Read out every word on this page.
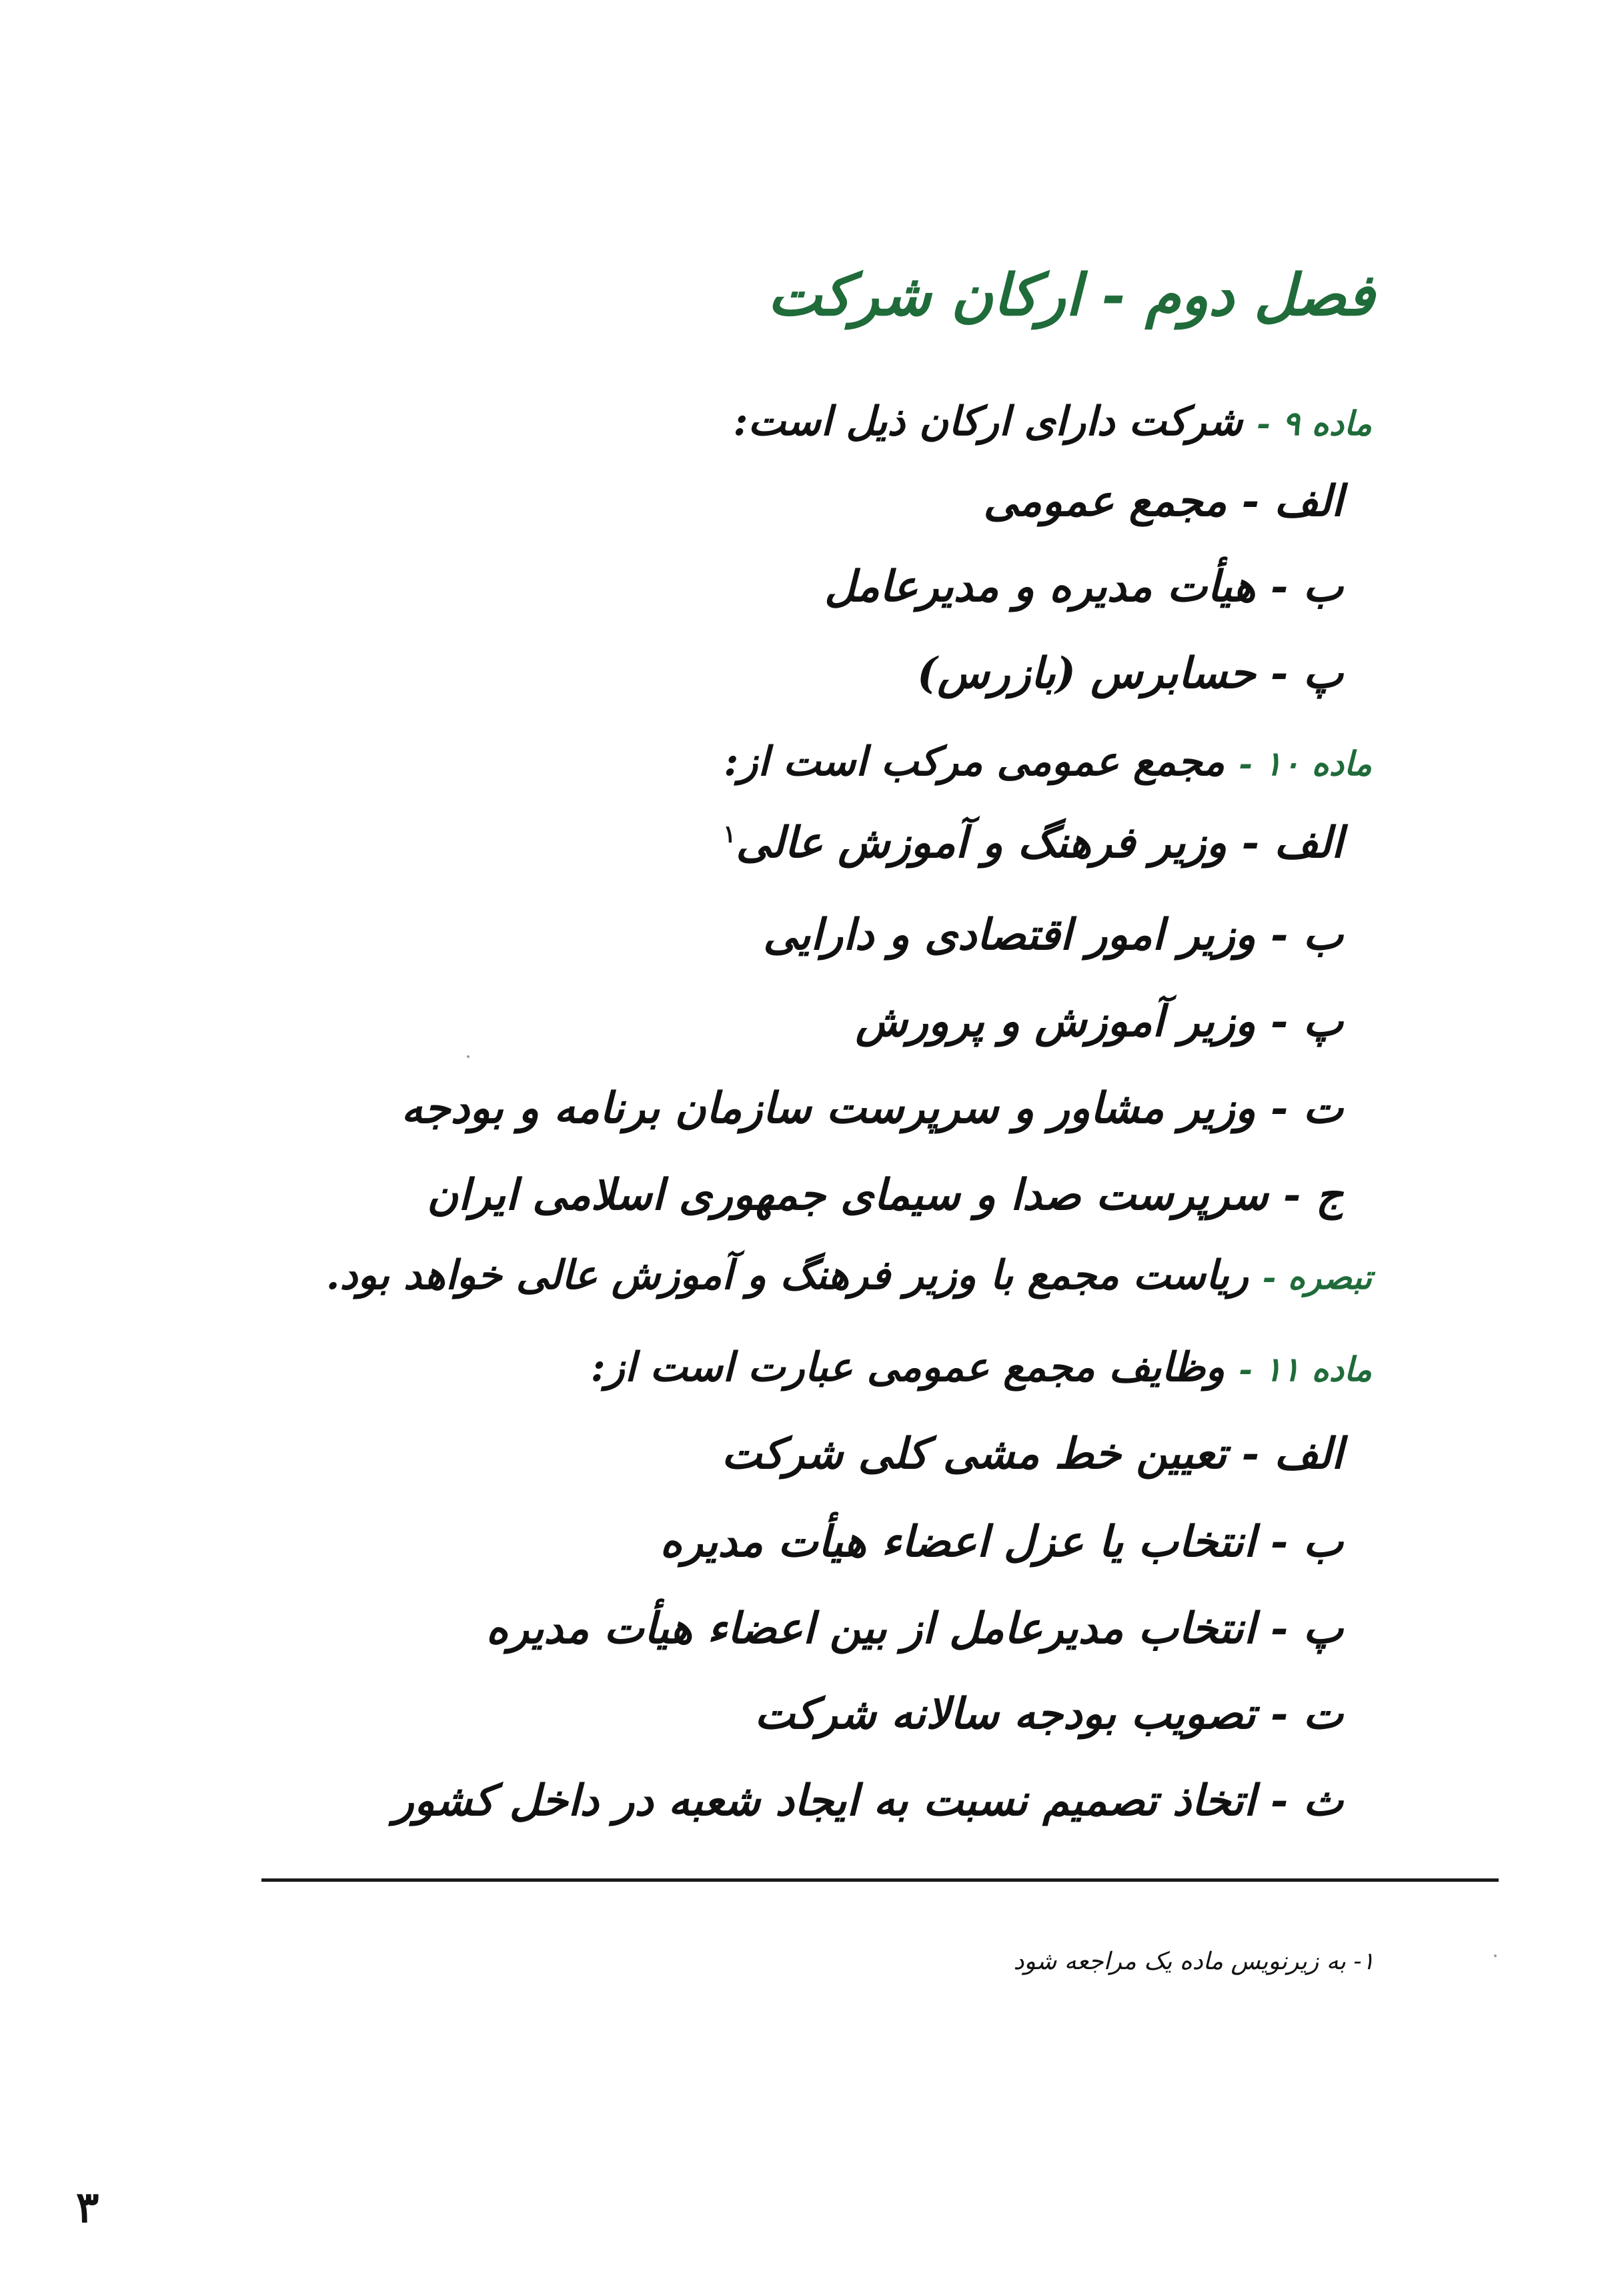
فصل دوم - ارکان شرکت
ماده ۹ - شرکت دارای ارکان ذیل است:
الف - مجمع عمومی
ب - هیأت مدیره و مدیرعامل
پ - حسابرس (بازرس)
ماده ۱۰ - مجمع عمومی مرکب است از:
الف - وزیر فرهنگ و آموزش عالی$^۱$
ب - وزیر امور اقتصادی و دارایی
پ - وزیر آموزش و پرورش
ت - وزیر مشاور و سرپرست سازمان برنامه و بودجه
ج - سرپرست صدا و سیمای جمهوری اسلامی ایران
تبصره - ریاست مجمع با وزیر فرهنگ و آموزش عالی خواهد بود.
ماده ۱۱ - وظایف مجمع عمومی عبارت است از:
الف - تعیین خط مشی کلی شرکت
ب - انتخاب یا عزل اعضاء هیأت مدیره
پ - انتخاب مدیرعامل از بین اعضاء هیأت مدیره
ت - تصویب بودجه سالانه شرکت
ث - اتخاذ تصمیم نسبت به ایجاد شعبه در داخل کشور
۱- به زیرنویس ماده یک مراجعه شود
۳
